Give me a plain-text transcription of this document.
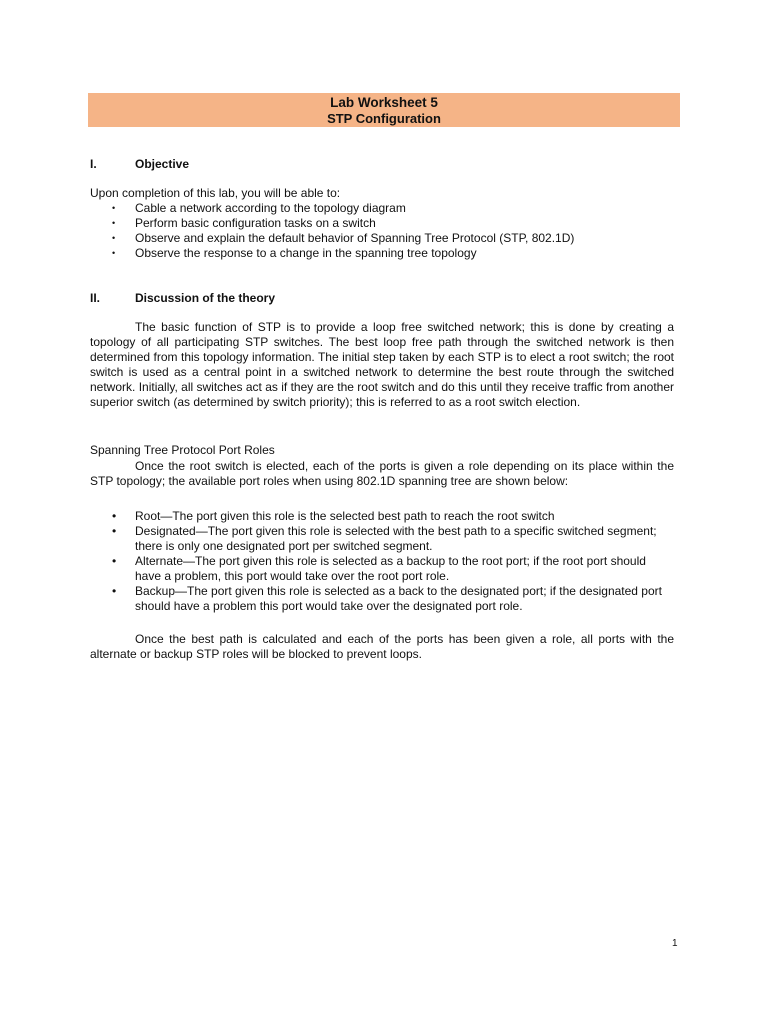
Lab Worksheet 5
STP Configuration
I.	Objective
Upon completion of this lab, you will be able to:
• Cable a network according to the topology diagram
• Perform basic configuration tasks on a switch
• Observe and explain the default behavior of Spanning Tree Protocol (STP, 802.1D)
• Observe the response to a change in the spanning tree topology
II.	Discussion of the theory
The basic function of STP is to provide a loop free switched network; this is done by creating a topology of all participating STP switches. The best loop free path through the switched network is then determined from this topology information. The initial step taken by each STP is to elect a root switch; the root switch is used as a central point in a switched network to determine the best route through the switched network. Initially, all switches act as if they are the root switch and do this until they receive traffic from another superior switch (as determined by switch priority); this is referred to as a root switch election.
Spanning Tree Protocol Port Roles
Once the root switch is elected, each of the ports is given a role depending on its place within the STP topology; the available port roles when using 802.1D spanning tree are shown below:
• Root—The port given this role is the selected best path to reach the root switch
• Designated—The port given this role is selected with the best path to a specific switched segment; there is only one designated port per switched segment.
• Alternate—The port given this role is selected as a backup to the root port; if the root port should have a problem, this port would take over the root port role.
• Backup—The port given this role is selected as a back to the designated port; if the designated port should have a problem this port would take over the designated port role.
Once the best path is calculated and each of the ports has been given a role, all ports with the alternate or backup STP roles will be blocked to prevent loops.
1
